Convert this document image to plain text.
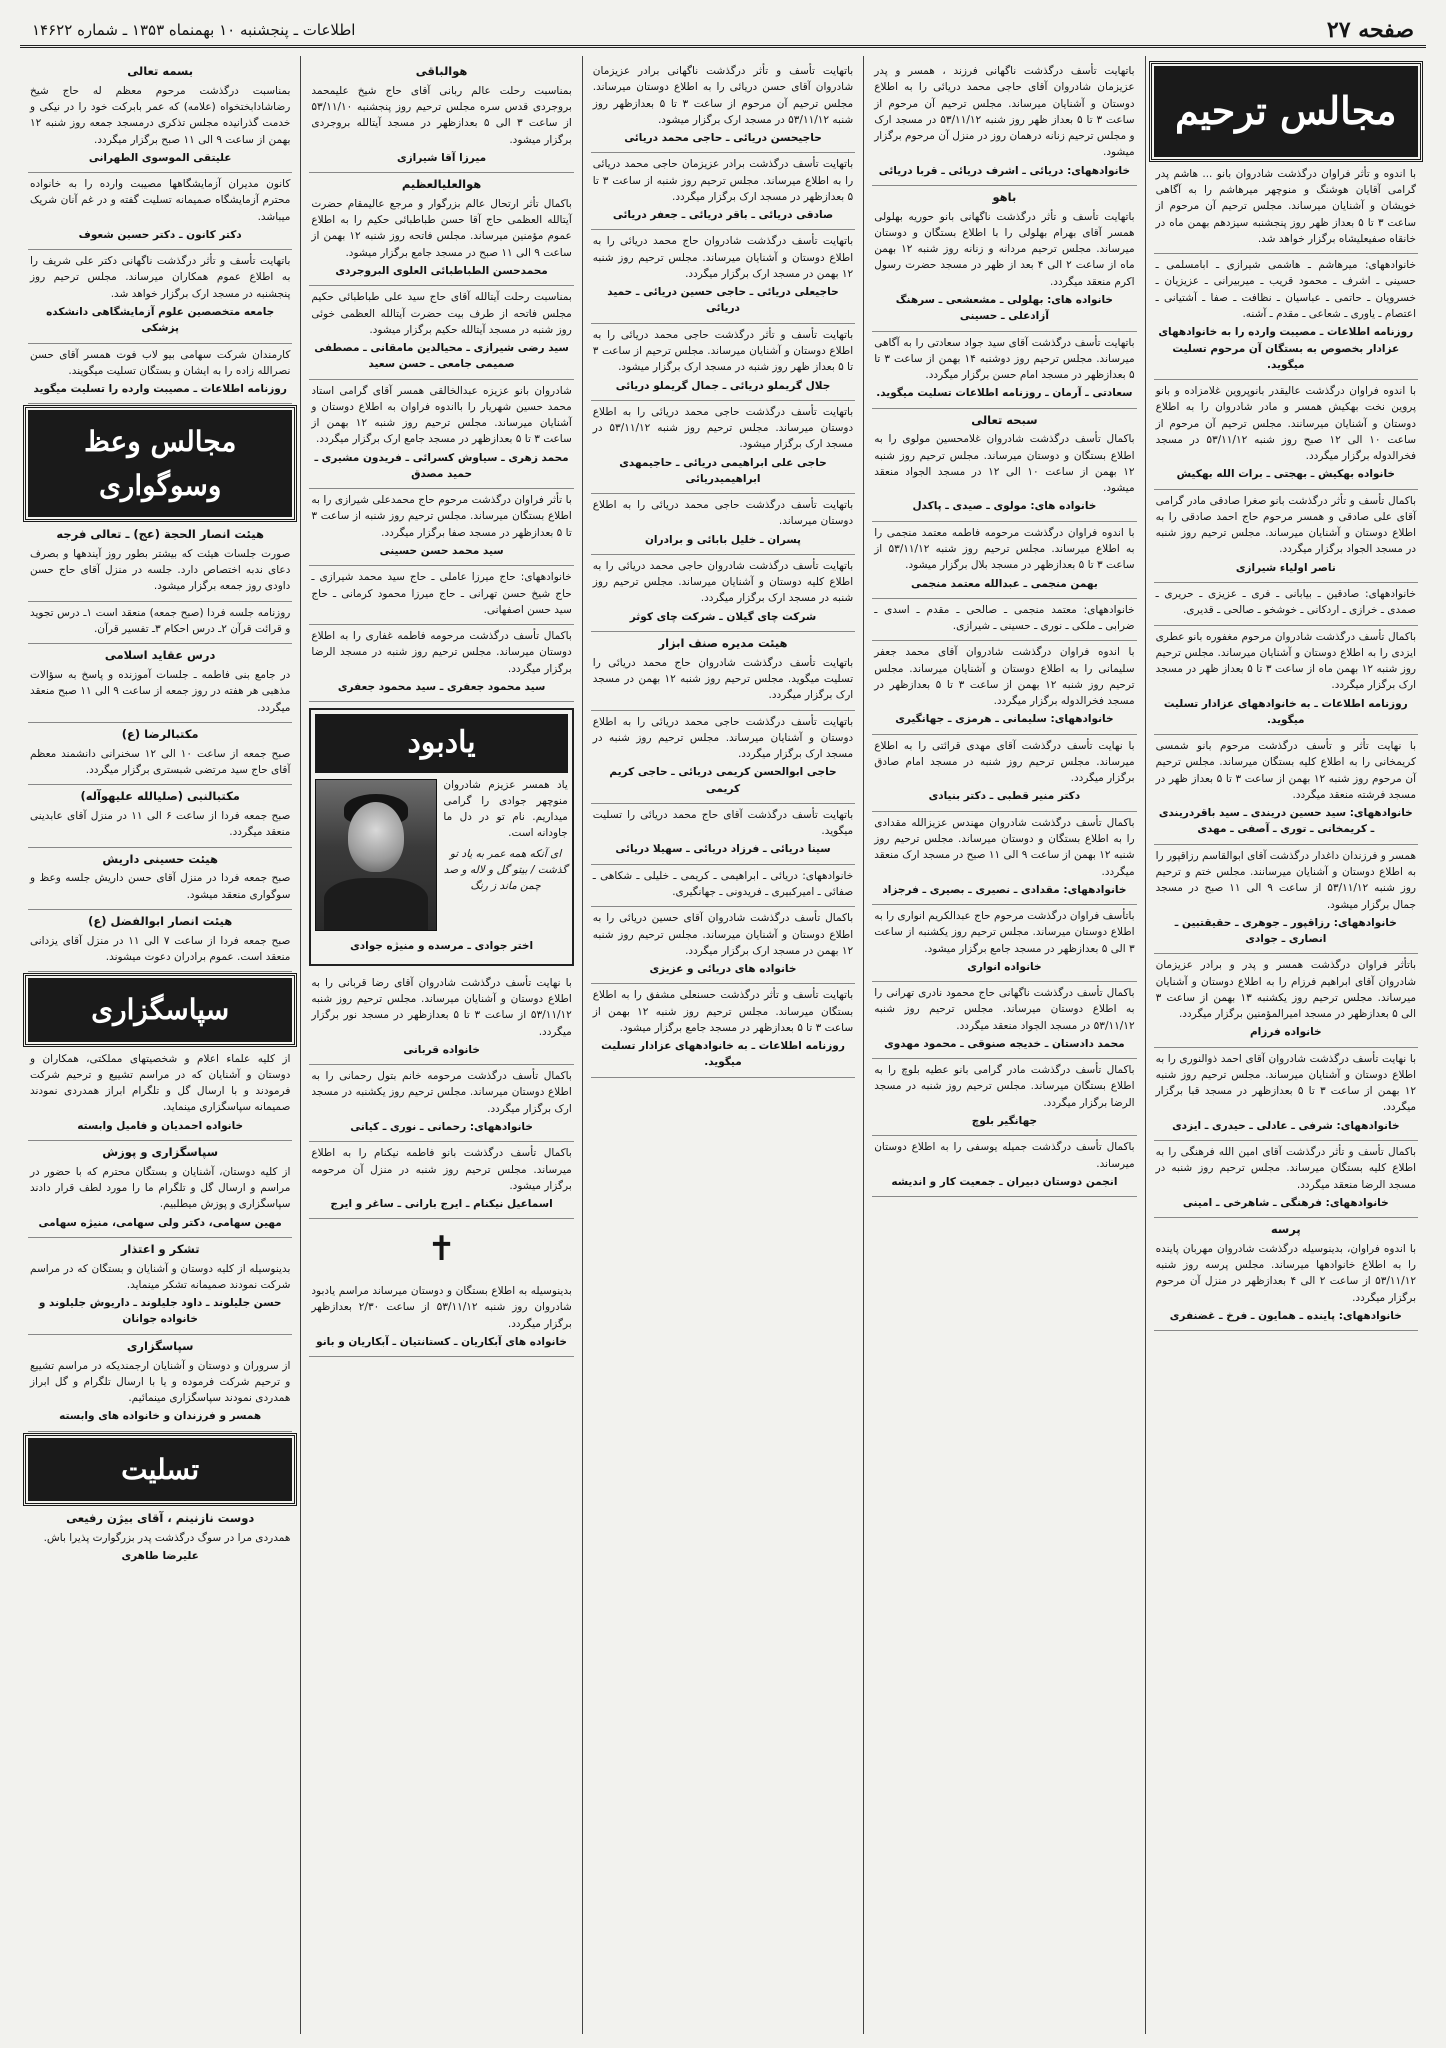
صفحه ۲۷
اطلاعات ـ پنجشنبه ۱۰ بهمنماه ۱۳۵۳ ـ شماره ۱۴۶۲۲
مجالس ترحیم

با اندوه و تأثر فراوان درگذشت شادروان بانو ... هاشم پدر گرامی آقایان هوشنگ و منوچهر میرهاشم را به آگاهی خویشان و آشنایان میرساند. مجلس ترحیم آن مرحوم از ساعت ۳ تا ۵ بعداز ظهر روز پنجشنبه سیزدهم بهمن ماه در خانقاه صفیعلیشاه برگزار خواهد شد.

خانوادههای: میرهاشم ـ هاشمی شیرازی ـ ابامسلمی ـ حسینی ـ اشرف ـ محمود قریب ـ میربیرانی ـ عزیزیان ـ خسرویان ـ حاتمی ـ عباسیان ـ نظافت ـ صفا ـ آشتیانی ـ اعتصام ـ یاوری ـ شعاعی ـ مقدم ـ آشنه.

روزنامه اطلاعات ـ مصیبت وارده را به خانوادههای عزادار بخصوص به بستگان آن مرحوم تسلیت میگوید.

با اندوه فراوان درگذشت عالیقدر بانوپروین غلامزاده و بانو پروین نخت بهکیش همسر و مادر شادروان را به اطلاع دوستان و آشنایان میرسانند. مجلس ترحیم آن مرحوم از ساعت ۱۰ الی ۱۲ صبح روز شنبه ۵۳/۱۱/۱۲ در مسجد فخرالدوله برگزار میگردد.

خانواده بهکیش ـ بهجتی ـ برات الله بهکیش

باکمال تأسف و تأثر درگذشت بانو صغرا صادقی مادر گرامی آقای علی صادقی و همسر مرحوم حاج احمد صادقی را به اطلاع دوستان و آشنایان میرساند. مجلس ترحیم روز شنبه در مسجد الجواد برگزار میگردد.

ناصر اولیاء شیرازی

خانوادههای: صادقین ـ بیابانی ـ فری ـ عزیزی ـ حریری ـ صمدی ـ خرازی ـ اردکانی ـ خوشخو ـ صالحی ـ قدیری.

باکمال تأسف درگذشت شادروان مرحوم مغفوره بانو عطری ایزدی را به اطلاع دوستان و آشنایان میرساند. مجلس ترحیم روز شنبه ۱۲ بهمن ماه از ساعت ۳ تا ۵ بعداز ظهر در مسجد ارک برگزار میگردد.

روزنامه اطلاعات ـ به خانوادههای عزادار تسلیت میگوید.

با نهایت تأثر و تأسف درگذشت مرحوم بانو شمسی کریمخانی را به اطلاع کلیه بستگان میرساند. مجلس ترحیم آن مرحوم روز شنبه ۱۲ بهمن از ساعت ۳ تا ۵ بعداز ظهر در مسجد فرشته منعقد میگردد.

خانوادههای: سید حسین دریندی ـ سید باقردریندی ـ کریمخانی ـ توری ـ آصفی ـ مهدی

همسر و فرزندان داغدار درگذشت آقای ابوالقاسم رزاقپور را به اطلاع دوستان و آشنایان میرسانند. مجلس ختم و ترحیم روز شنبه ۵۳/۱۱/۱۲ از ساعت ۹ الی ۱۱ صبح در مسجد جمال برگزار میشود.

خانوادههای: رزاقپور ـ جوهری ـ حقیقتبین ـ انصاری ـ جوادی

باتأثر فراوان درگذشت همسر و پدر و برادر عزیزمان شادروان آقای ابراهیم فرزام را به اطلاع دوستان و آشنایان میرساند. مجلس ترحیم روز یکشنبه ۱۳ بهمن از ساعت ۳ الی ۵ بعدازظهر در مسجد امیرالمؤمنین برگزار میگردد.

خانواده فرزام

با نهایت تأسف درگذشت شادروان آقای احمد ذوالنوری را به اطلاع دوستان و آشنایان میرساند. مجلس ترحیم روز شنبه ۱۲ بهمن از ساعت ۳ تا ۵ بعدازظهر در مسجد قبا برگزار میگردد.

خانوادههای: شرفی ـ عادلی ـ حیدری ـ ایزدی

باکمال تأسف و تأثر درگذشت آقای امین الله فرهنگی را به اطلاع کلیه بستگان میرساند. مجلس ترحیم روز شنبه در مسجد الرضا منعقد میگردد.

خانوادههای: فرهنگی ـ شاهرخی ـ امینی
پرسه

با اندوه فراوان، بدینوسیله درگذشت شادروان مهربان پاینده را به اطلاع خانوادهها میرساند. مجلس پرسه روز شنبه ۵۳/۱۱/۱۲ از ساعت ۲ الی ۴ بعدازظهر در منزل آن مرحوم برگزار میگردد.

خانوادههای: پاینده ـ همایون ـ فرخ ـ غضنفری

باتهایت تأسف درگذشت ناگهانی فرزند ، همسر و پدر عزیزمان شادروان آقای حاجی محمد دریائی را به اطلاع دوستان و آشنایان میرساند. مجلس ترحیم آن مرحوم از ساعت ۳ تا ۵ بعداز ظهر روز شنبه ۵۳/۱۱/۱۲ در مسجد ارک و مجلس ترحیم زنانه درهمان روز در منزل آن مرحوم برگزار میشود.

خانوادههای: دریائی ـ اشرف دریائی ـ قربا دریائی
باهو

باتهایت تأسف و تأثر درگذشت ناگهانی بانو حوریه بهلولی همسر آقای بهرام بهلولی را با اطلاع بستگان و دوستان میرساند. مجلس ترحیم مردانه و زنانه روز شنبه ۱۲ بهمن ماه از ساعت ۲ الی ۴ بعد از ظهر در مسجد حضرت رسول اکرم منعقد میگردد.

خانواده های: بهلولی ـ مشعشعی ـ سرهنگ آزادعلی ـ حسینی

باتهایت تأسف درگذشت آقای سید جواد سعادتی را به آگاهی میرساند. مجلس ترحیم روز دوشنبه ۱۴ بهمن از ساعت ۳ تا ۵ بعدازظهر در مسجد امام حسن برگزار میگردد.

سعادتی ـ آرمان ـ روزنامه اطلاعات تسلیت میگوید.
سبحه تعالی

باکمال تأسف درگذشت شادروان غلامحسین مولوی را به اطلاع بستگان و دوستان میرساند. مجلس ترحیم روز شنبه ۱۲ بهمن از ساعت ۱۰ الی ۱۲ در مسجد الجواد منعقد میشود.

خانواده های: مولوی ـ صیدی ـ پاکدل

با اندوه فراوان درگذشت مرحومه فاطمه معتمد منجمی را به اطلاع میرساند. مجلس ترحیم روز شنبه ۵۳/۱۱/۱۲ از ساعت ۳ تا ۵ بعدازظهر در مسجد بلال برگزار میشود.

بهمن منجمی ـ عبدالله معتمد منجمی

خانوادههای: معتمد منجمی ـ صالحی ـ مقدم ـ اسدی ـ ضرابی ـ ملکی ـ نوری ـ حسینی ـ شیرازی.

با اندوه فراوان درگذشت شادروان آقای محمد جعفر سلیمانی را به اطلاع دوستان و آشنایان میرساند. مجلس ترحیم روز شنبه ۱۲ بهمن از ساعت ۳ تا ۵ بعدازظهر در مسجد فخرالدوله برگزار میگردد.

خانوادههای: سلیمانی ـ هرمزی ـ جهانگیری

با نهایت تأسف درگذشت آقای مهدی قرائتی را به اطلاع میرساند. مجلس ترحیم روز شنبه در مسجد امام صادق برگزار میگردد.

دکتر منیر قطبی ـ دکتر بنیادی

باکمال تأسف درگذشت شادروان مهندس عزیزالله مقدادی را به اطلاع بستگان و دوستان میرساند. مجلس ترحیم روز شنبه ۱۲ بهمن از ساعت ۹ الی ۱۱ صبح در مسجد ارک منعقد میگردد.

خانوادههای: مقدادی ـ نصیری ـ بصیری ـ فرجزاد

باتأسف فراوان درگذشت مرحوم حاج عبدالکریم انواری را به اطلاع دوستان میرساند. مجلس ترحیم روز یکشنبه از ساعت ۳ الی ۵ بعدازظهر در مسجد جامع برگزار میشود.

خانواده انواری

باکمال تأسف درگذشت ناگهانی حاج محمود نادری تهرانی را به اطلاع دوستان میرساند. مجلس ترحیم روز شنبه ۵۳/۱۱/۱۲ در مسجد الجواد منعقد میگردد.

محمد دادستان ـ خدیجه صنوقی ـ محمود مهدوی

باکمال تأسف درگذشت مادر گرامی بانو عطیه بلوچ را به اطلاع بستگان میرساند. مجلس ترحیم روز شنبه در مسجد الرضا برگزار میگردد.

جهانگیر بلوچ

باکمال تأسف درگذشت جمیله یوسفی را به اطلاع دوستان میرساند.

انجمن دوستان دبیران ـ جمعیت کار و اندیشه

باتهایت تأسف و تأثر درگذشت ناگهانی برادر عزیزمان شادروان آقای حسن دریائی را به اطلاع دوستان میرساند. مجلس ترحیم آن مرحوم از ساعت ۳ تا ۵ بعدازظهر روز شنبه ۵۳/۱۱/۱۲ در مسجد ارک برگزار میشود.

حاجیحسن دریائی ـ حاجی محمد دریائی

باتهایت تأسف درگذشت برادر عزیزمان حاجی محمد دریائی را به اطلاع میرساند. مجلس ترحیم روز شنبه از ساعت ۳ تا ۵ بعدازظهر در مسجد ارک برگزار میگردد.

صادقی دریائی ـ باقر دریائی ـ جعفر دریائی

باتهایت تأسف درگذشت شادروان حاج محمد دریائی را به اطلاع دوستان و آشنایان میرساند. مجلس ترحیم روز شنبه ۱۲ بهمن در مسجد ارک برگزار میگردد.

حاجیعلی دریائی ـ حاجی حسین دریائی ـ حمید دریائی

باتهایت تأسف و تأثر درگذشت حاجی محمد دریائی را به اطلاع دوستان و آشنایان میرساند. مجلس ترحیم از ساعت ۳ تا ۵ بعداز ظهر روز شنبه در مسجد ارک برگزار میشود.

جلال گریملو دریائی ـ جمال گریملو دریائی

باتهایت تأسف درگذشت حاجی محمد دریائی را به اطلاع دوستان میرساند. مجلس ترحیم روز شنبه ۵۳/۱۱/۱۲ در مسجد ارک برگزار میشود.

حاجی علی ابراهیمی دریائی ـ حاجیمهدی ابراهیمیدریائی

باتهایت تأسف درگذشت حاجی محمد دریائی را به اطلاع دوستان میرساند.

پسران ـ خلیل بابائی و برادران

باتهایت تأسف درگذشت شادروان حاجی محمد دریائی را به اطلاع کلیه دوستان و آشنایان میرساند. مجلس ترحیم روز شنبه در مسجد ارک برگزار میگردد.

شرکت چای گیلان ـ شرکت چای کوثر
هیئت مدیره صنف ابزار

باتهایت تأسف درگذشت شادروان حاج محمد دریائی را تسلیت میگوید. مجلس ترحیم روز شنبه ۱۲ بهمن در مسجد ارک برگزار میگردد.

باتهایت تأسف درگذشت حاجی محمد دریائی را به اطلاع دوستان و آشنایان میرساند. مجلس ترحیم روز شنبه در مسجد ارک برگزار میگردد.

حاجی ابوالحسن کریمی دریائی ـ حاجی کریم کریمی

باتهایت تأسف درگذشت آقای حاج محمد دریائی را تسلیت میگوید.

سینا دریائی ـ فرزاد دریائی ـ سهیلا دریائی

خانوادههای: دریائی ـ ابراهیمی ـ کریمی ـ خلیلی ـ شکاهی ـ صفائی ـ امیرکبیری ـ فریدونی ـ جهانگیری.

باکمال تأسف درگذشت شادروان آقای حسین دریائی را به اطلاع دوستان و آشنایان میرساند. مجلس ترحیم روز شنبه ۱۲ بهمن در مسجد ارک برگزار میگردد.

خانواده های دریائی و عزیزی

باتهایت تأسف و تأثر درگذشت حسنعلی مشفق را به اطلاع بستگان میرساند. مجلس ترحیم روز شنبه ۱۲ بهمن از ساعت ۳ تا ۵ بعدازظهر در مسجد جامع برگزار میشود.

روزنامه اطلاعات ـ به خانوادههای عزادار تسلیت میگوید.
هوالباقی

بمناسبت رحلت عالم ربانی آقای حاج شیخ علیمحمد بروجردی قدس سره مجلس ترحیم روز پنجشنبه ۵۳/۱۱/۱۰ از ساعت ۳ الی ۵ بعدازظهر در مسجد آیتالله بروجردی برگزار میشود.

میرزا آقا شیرازی
هوالعلیالعظیم

باکمال تأثر ارتحال عالم بزرگوار و مرجع عالیمقام حضرت آیتالله العظمی حاج آقا حسن طباطبائی حکیم را به اطلاع عموم مؤمنین میرساند. مجلس فاتحه روز شنبه ۱۲ بهمن از ساعت ۹ الی ۱۱ صبح در مسجد جامع برگزار میشود.

محمدحسن الطباطبائی العلوی البروجردی

بمناسبت رحلت آیتالله آقای حاج سید علی طباطبائی حکیم مجلس فاتحه از طرف بیت حضرت آیتالله العظمی خوئی روز شنبه در مسجد آیتالله حکیم برگزار میشود.

سید رضی شیرازی ـ محیالدین مامقانی ـ مصطفی صمیمی جامعی ـ حسن سعید

شادروان بانو عزیزه عبدالخالقی همسر آقای گرامی استاد محمد حسین شهریار را بااندوه فراوان به اطلاع دوستان و آشنایان میرساند. مجلس ترحیم روز شنبه ۱۲ بهمن از ساعت ۳ تا ۵ بعدازظهر در مسجد جامع ارک برگزار میگردد.

محمد زهری ـ سیاوش کسرائی ـ فریدون مشیری ـ حمید مصدق

با تأثر فراوان درگذشت مرحوم حاج محمدعلی شیرازی را به اطلاع بستگان میرساند. مجلس ترحیم روز شنبه از ساعت ۳ تا ۵ بعدازظهر در مسجد صفا برگزار میگردد.

سید محمد حسن حسینی

خانوادههای: حاج میرزا عاملی ـ حاج سید محمد شیرازی ـ حاج شیخ حسن تهرانی ـ حاج میرزا محمود کرمانی ـ حاج سید حسن اصفهانی.

باکمال تأسف درگذشت مرحومه فاطمه غفاری را به اطلاع دوستان میرساند. مجلس ترحیم روز شنبه در مسجد الرضا برگزار میگردد.

سید محمود جعفری ـ سید محمود جعفری
یادبود

یاد همسر عزیزم شادروان منوچهر جوادی را گرامی میداریم. نام تو در دل ما جاودانه است.

ای آنکه همه عمر به یاد تو گذشت / بیتو گل و لاله و صد چمن ماند ز رنگ

اختر جوادی ـ مرسده و منیژه جوادی

با نهایت تأسف درگذشت شادروان آقای رضا قربانی را به اطلاع دوستان و آشنایان میرساند. مجلس ترحیم روز شنبه ۵۳/۱۱/۱۲ از ساعت ۳ تا ۵ بعدازظهر در مسجد نور برگزار میگردد.

خانواده قربانی

باکمال تأسف درگذشت مرحومه خانم بتول رحمانی را به اطلاع دوستان میرساند. مجلس ترحیم روز یکشنبه در مسجد ارک برگزار میگردد.

خانوادههای: رحمانی ـ نوری ـ کیانی

باکمال تأسف درگذشت بانو فاطمه نیکنام را به اطلاع میرساند. مجلس ترحیم روز شنبه در منزل آن مرحومه برگزار میشود.

اسماعیل نیکنام ـ ایرج بارانی ـ ساغر و ایرج
✝

بدینوسیله به اطلاع بستگان و دوستان میرساند مراسم یادبود شادروان روز شنبه ۵۳/۱۱/۱۲ از ساعت ۲/۳۰ بعدازظهر برگزار میگردد.

خانواده های آبکاریان ـ کستانتیان ـ آبکاریان و بانو
بسمه تعالی

بمناسبت درگذشت مرحوم معظم له حاج شیخ رضاشادابختخواه (علامه) که عمر بابرکت خود را در نیکی و خدمت گذرانیده مجلس تذکری درمسجد جمعه روز شنبه ۱۲ بهمن از ساعت ۹ الی ۱۱ صبح برگزار میگردد.

علیتقی الموسوی الطهرانی

کانون مدیران آزمایشگاهها مصیبت وارده را به خانواده محترم آزمایشگاه صمیمانه تسلیت گفته و در غم آنان شریک میباشد.

دکتر کانون ـ دکتر حسین شعوف

باتهایت تأسف و تأثر درگذشت ناگهانی دکتر علی شریف را به اطلاع عموم همکاران میرساند. مجلس ترحیم روز پنجشنبه در مسجد ارک برگزار خواهد شد.

جامعه متخصصین علوم آزمایشگاهی دانشکده پزشکی

کارمندان شرکت سهامی بیو لاب فوت همسر آقای حسن نصرالله زاده را به ایشان و بستگان تسلیت میگویند.

روزنامه اطلاعات ـ مصیبت وارده را تسلیت میگوید
مجالس وعظ وسوگواری
هیئت انصار الحجة (عج) ـ تعالی فرجه

صورت جلسات هیئت که بیشتر بطور روز آیندهها و بصرف دعای ندبه اختصاص دارد. جلسه در منزل آقای حاج حسن داودی روز جمعه برگزار میشود.

روزنامه جلسه فردا (صبح جمعه) منعقد است ۱ـ درس تجوید و قرائت قرآن ۲ـ درس احکام ۳ـ تفسیر قرآن.

درس عقاید اسلامی

در جامع بنی فاطمه ـ جلسات آموزنده و پاسخ به سؤالات مذهبی هر هفته در روز جمعه از ساعت ۹ الی ۱۱ صبح منعقد میگردد.

مکتبالرضا (ع)

صبح جمعه از ساعت ۱۰ الی ۱۲ سخنرانی دانشمند معظم آقای حاج سید مرتضی شبستری برگزار میگردد.

مکتبالنبی (صلیالله علیهوآله)

صبح جمعه فردا از ساعت ۶ الی ۱۱ در منزل آقای عابدینی منعقد میگردد.

هیئت حسینی داریش

صبح جمعه فردا در منزل آقای حسن داریش جلسه وعظ و سوگواری منعقد میشود.

هیئت انصار ابوالفضل (ع)

صبح جمعه فردا از ساعت ۷ الی ۱۱ در منزل آقای یزدانی منعقد است. عموم برادران دعوت میشوند.

سپاسگزاری

از کلیه علماء اعلام و شخصیتهای مملکتی، همکاران و دوستان و آشنایان که در مراسم تشییع و ترحیم شرکت فرمودند و با ارسال گل و تلگرام ابراز همدردی نمودند صمیمانه سپاسگزاری مینماید.

خانواده احمدیان و فامیل وابسته
سپاسگزاری و پوزش

از کلیه دوستان، آشنایان و بستگان محترم که با حضور در مراسم و ارسال گل و تلگرام ما را مورد لطف قرار دادند سپاسگزاری و پوزش میطلبیم.

مهین سهامی، دکتر ولی سهامی، منیژه سهامی
تشکر و اعتذار

بدینوسیله از کلیه دوستان و آشنایان و بستگان که در مراسم شرکت نمودند صمیمانه تشکر مینماید.

حسن جلیلوند ـ داود جلیلوند ـ داریوش جلیلوند و خانواده جوانان
سپاسگزاری

از سروران و دوستان و آشنایان ارجمندیکه در مراسم تشییع و ترحیم شرکت فرموده و یا با ارسال تلگرام و گل ابراز همدردی نمودند سپاسگزاری مینمائیم.

همسر و فرزندان و خانواده های وابسته
تسلیت
دوست نازنینم ، آقای بیژن رفیعی

همدردی مرا در سوگ درگذشت پدر بزرگوارت پذیرا باش.

علیرضا طاهری
